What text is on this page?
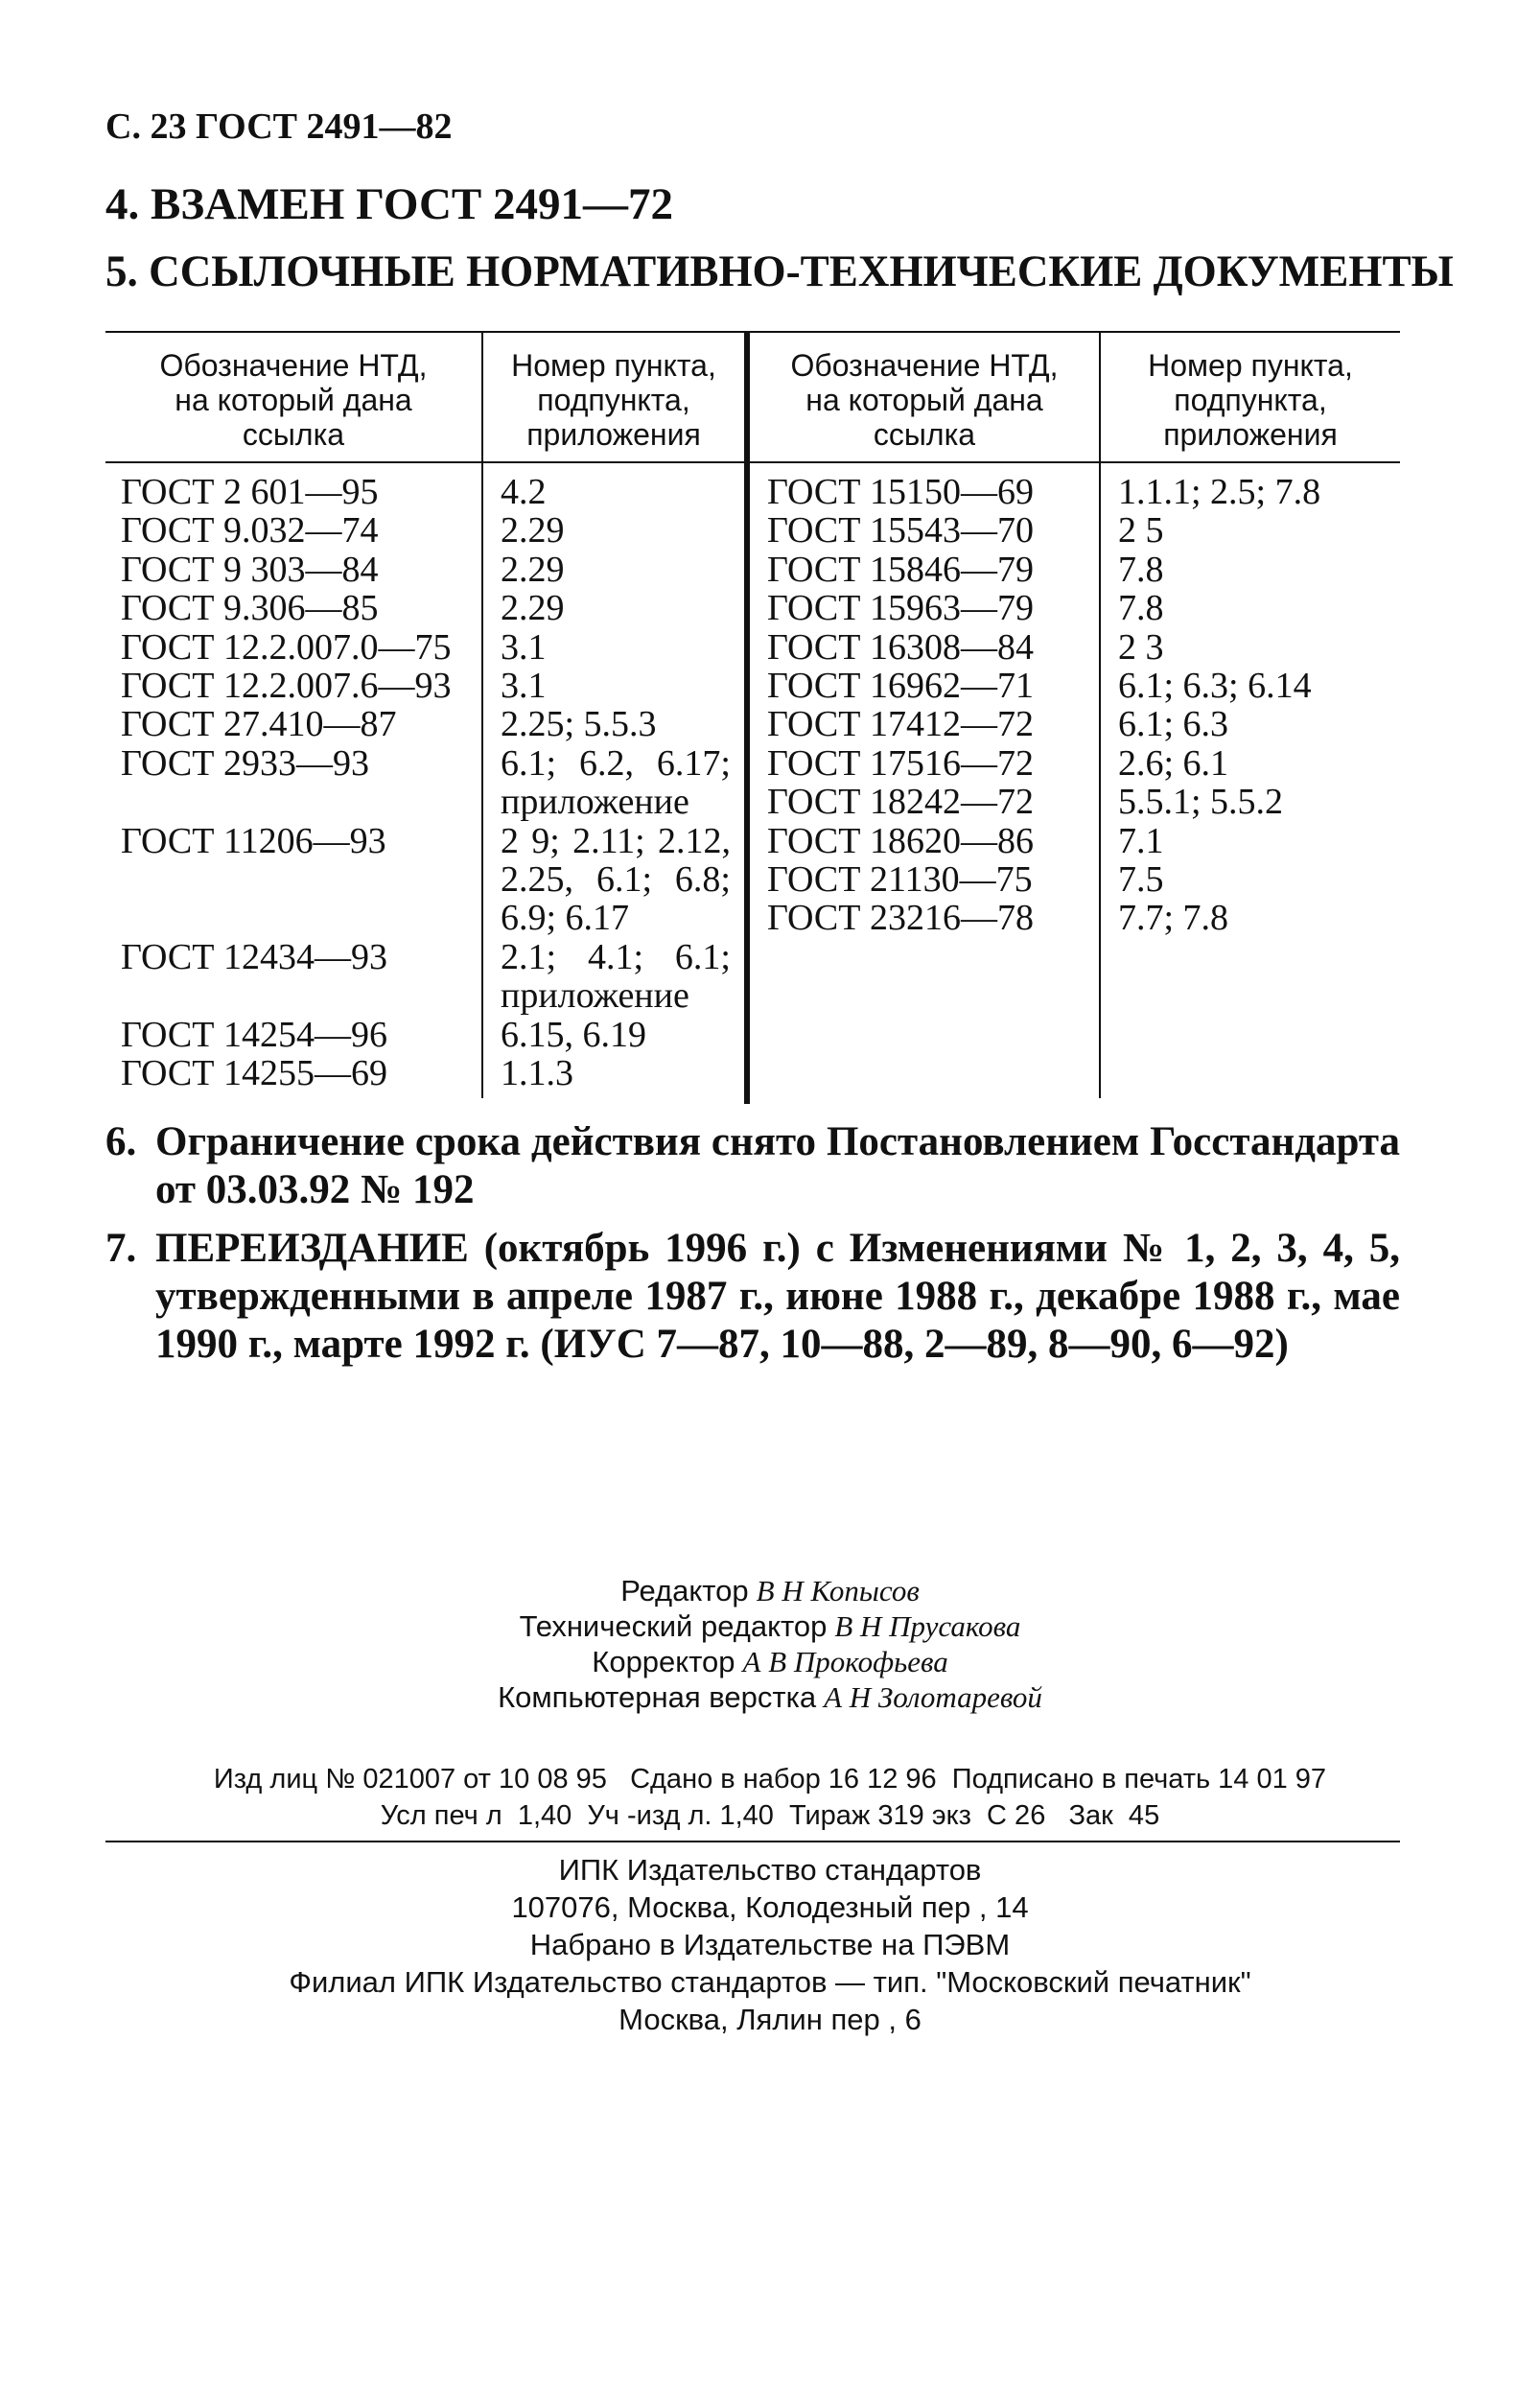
С. 23 ГОСТ 2491—82
4. ВЗАМЕН ГОСТ 2491—72
5. ССЫЛОЧНЫЕ НОРМАТИВНО-ТЕХНИЧЕСКИЕ ДОКУМЕНТЫ
Обозначение НТД,
на который дана
ссылка
Номер пункта,
подпункта,
приложения
Обозначение НТД,
на который дана
ссылка
Номер пункта,
подпункта,
приложения
ГОСТ 2 601—95
ГОСТ 9.032—74
ГОСТ 9 303—84
ГОСТ 9.306—85
ГОСТ 12.2.007.0—75
ГОСТ 12.2.007.6—93
ГОСТ 27.410—87
ГОСТ 2933—93

ГОСТ 11206—93

ГОСТ 12434—93

ГОСТ 14254—96
ГОСТ 14255—69
4.2
2.29
2.29
2.29
3.1
3.1
2.25; 5.5.3
6.1; 6.2, 6.17;
приложение
2 9; 2.11; 2.12,
2.25, 6.1; 6.8;
6.9; 6.17
2.1; 4.1; 6.1;
приложение
6.15, 6.19
1.1.3
ГОСТ 15150—69
ГОСТ 15543—70
ГОСТ 15846—79
ГОСТ 15963—79
ГОСТ 16308—84
ГОСТ 16962—71
ГОСТ 17412—72
ГОСТ 17516—72
ГОСТ 18242—72
ГОСТ 18620—86
ГОСТ 21130—75
ГОСТ 23216—78
1.1.1; 2.5; 7.8
2 5
7.8
7.8
2 3
6.1; 6.3; 6.14
6.1; 6.3
2.6; 6.1
5.5.1; 5.5.2
7.1
7.5
7.7; 7.8
6. Ограничение срока действия снято Постановлением Госстандарта от 03.03.92 № 192
7. ПЕРЕИЗДАНИЕ (октябрь 1996 г.) с Изменениями № 1, 2, 3, 4, 5, утвержденными в апреле 1987 г., июне 1988 г., декабре 1988 г., мае 1990 г., марте 1992 г. (ИУС 7—87, 10—88, 2—89, 8—90, 6—92)
Редактор В Н Копысов
Технический редактор В Н Прусакова
Корректор А В Прокофьева
Компьютерная верстка А Н Золотаревой
Изд лиц № 021007 от 10 08 95   Сдано в набор 16 12 96  Подписано в печать 14 01 97
Усл печ л  1,40  Уч -изд л. 1,40  Тираж 319 экз  С 26   Зак  45
ИПК Издательство стандартов
107076, Москва, Колодезный пер , 14
Набрано в Издательстве на ПЭВМ
Филиал ИПК Издательство стандартов — тип. "Московский печатник"
Москва, Лялин пер , 6
